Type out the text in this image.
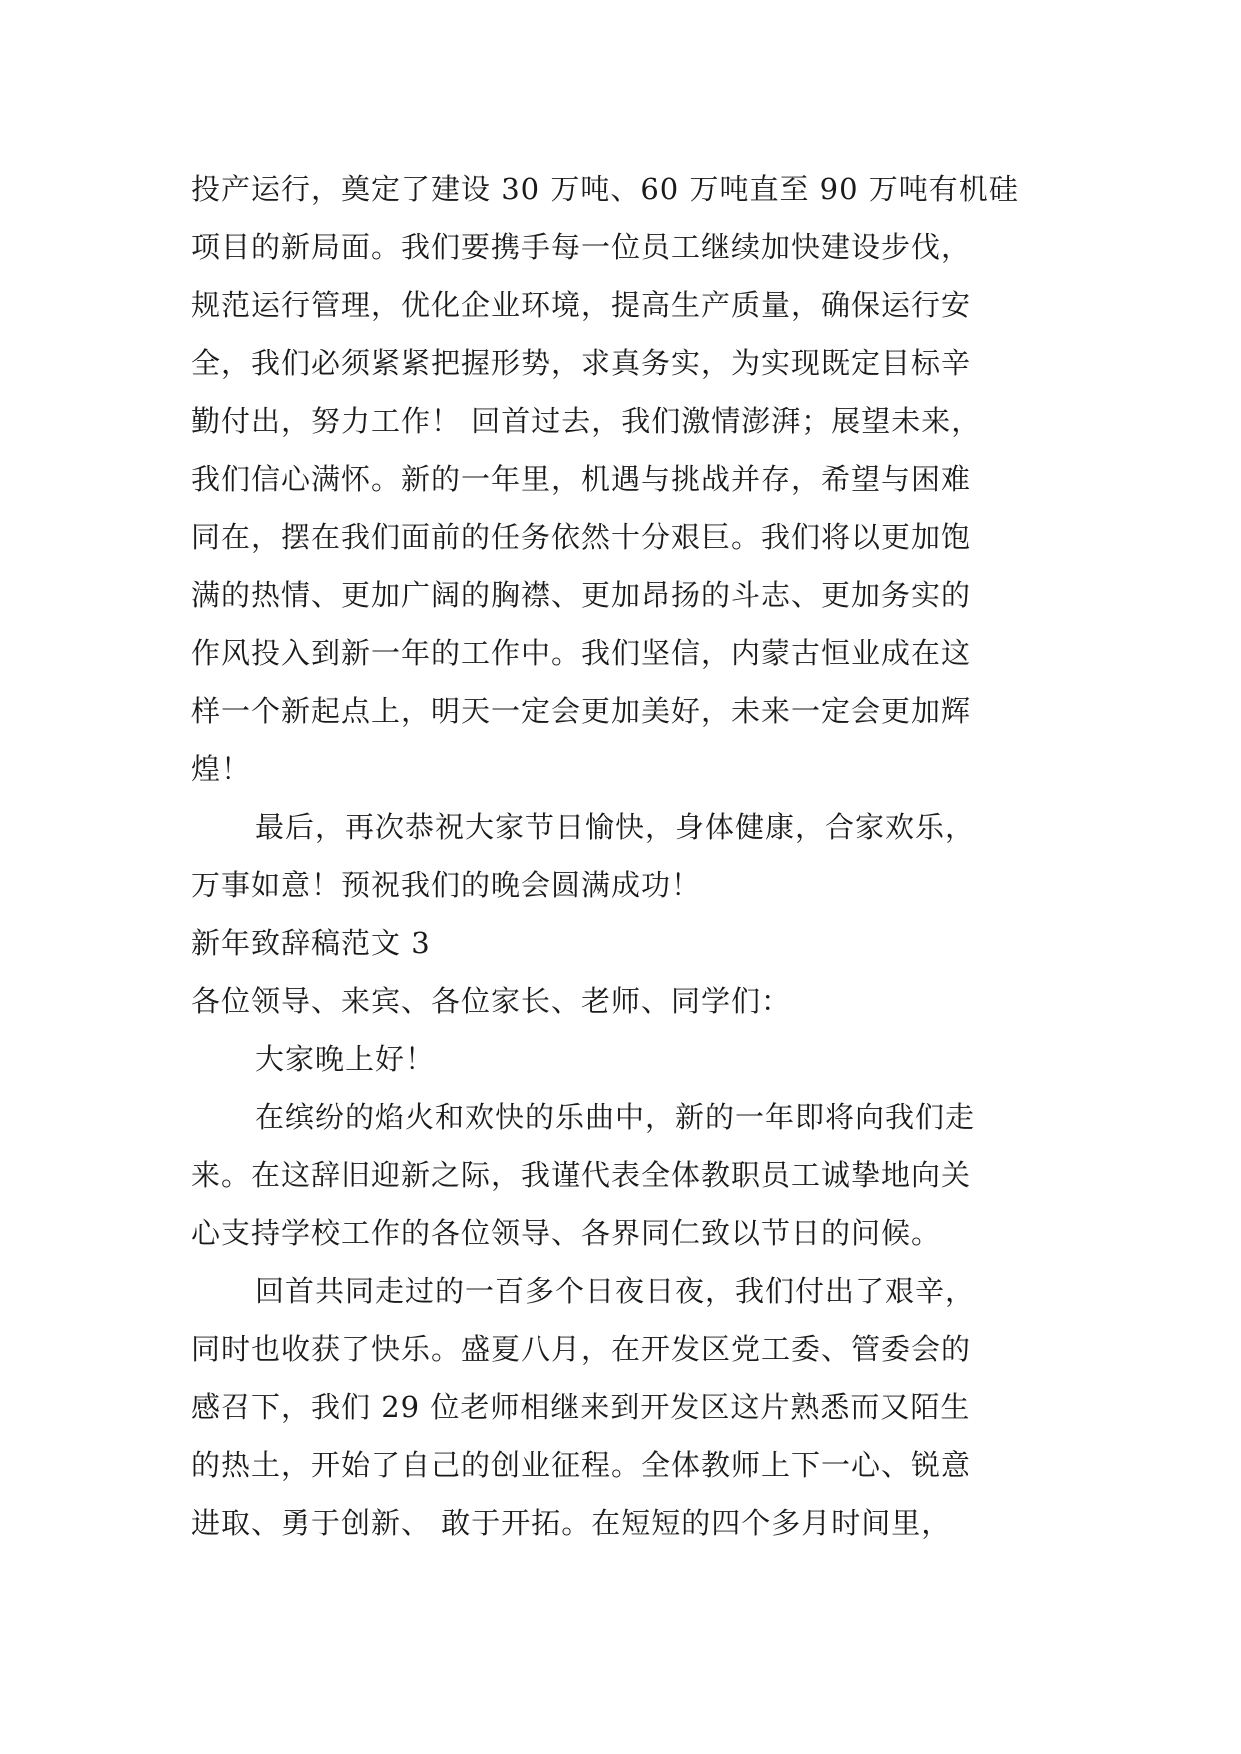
投产运行，奠定了建设 30 万吨、60 万吨直至 90 万吨有机硅
项目的新局面。我们要携手每一位员工继续加快建设步伐，
规范运行管理，优化企业环境，提高生产质量，确保运行安
全，我们必须紧紧把握形势，求真务实，为实现既定目标辛
勤付出，努力工作！ 回首过去，我们激情澎湃；展望未来，
我们信心满怀。新的一年里，机遇与挑战并存，希望与困难
同在，摆在我们面前的任务依然十分艰巨。我们将以更加饱
满的热情、更加广阔的胸襟、更加昂扬的斗志、更加务实的
作风投入到新一年的工作中。我们坚信，内蒙古恒业成在这
样一个新起点上，明天一定会更加美好，未来一定会更加辉
煌！
最后，再次恭祝大家节日愉快，身体健康，合家欢乐，
万事如意！预祝我们的晚会圆满成功！
新年致辞稿范文 3
各位领导、来宾、各位家长、老师、同学们：
大家晚上好！
在缤纷的焰火和欢快的乐曲中，新的一年即将向我们走
来。在这辞旧迎新之际，我谨代表全体教职员工诚挚地向关
心支持学校工作的各位领导、各界同仁致以节日的问候。
回首共同走过的一百多个日夜日夜，我们付出了艰辛，
同时也收获了快乐。盛夏八月，在开发区党工委、管委会的
感召下，我们 29 位老师相继来到开发区这片熟悉而又陌生
的热土，开始了自己的创业征程。全体教师上下一心、锐意
进取、勇于创新、 敢于开拓。在短短的四个多月时间里，
